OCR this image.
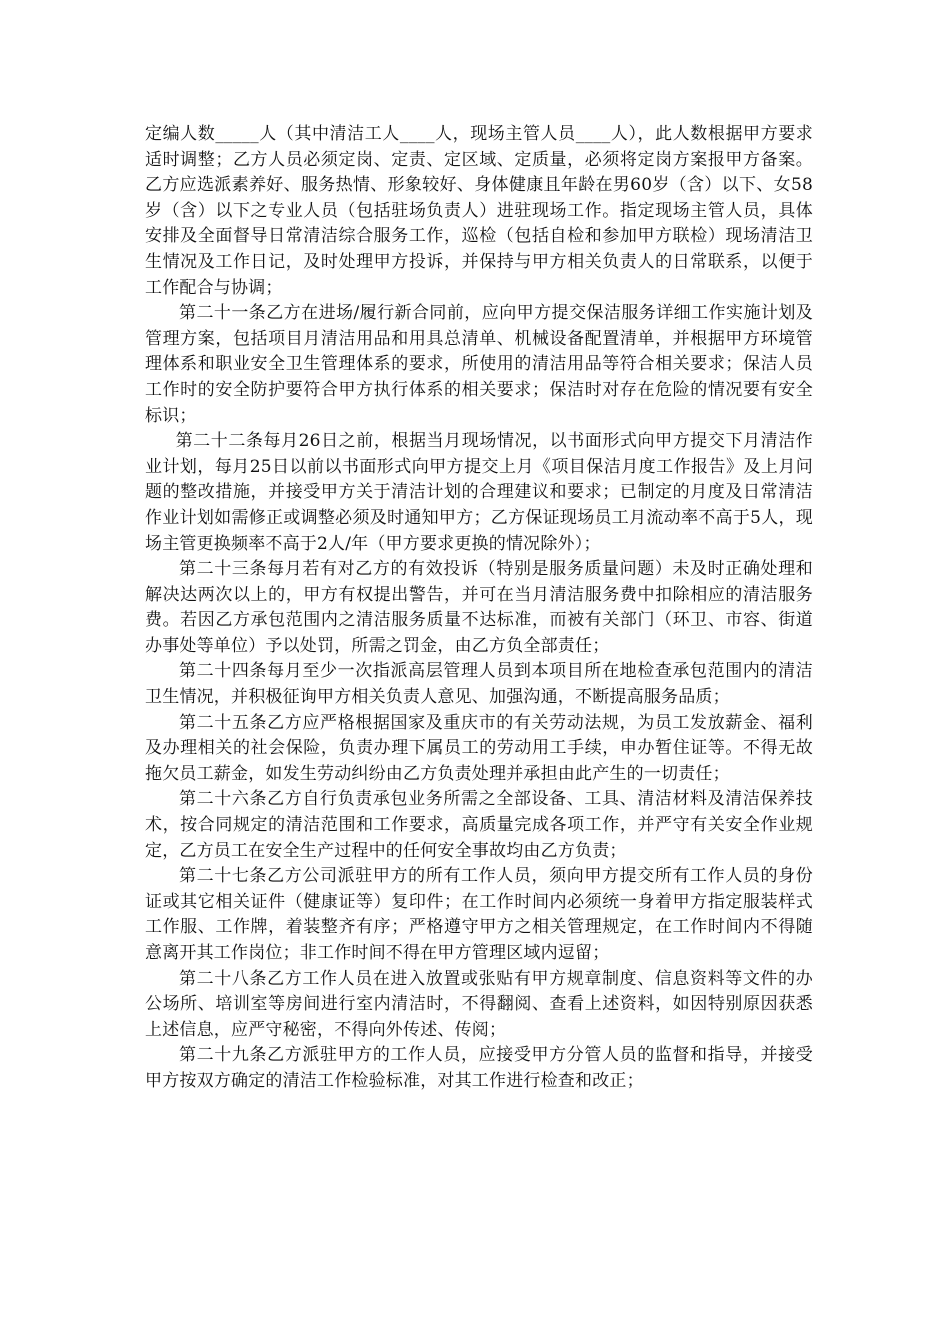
定编人数_____人（其中清洁工人____人，现场主管人员____人），此人数根据甲方要求适时调整；乙方人员必须定岗、定责、定区域、定质量，必须将定岗方案报甲方备案。乙方应选派素养好、服务热情、形象较好、身体健康且年龄在男60岁（含）以下、女58岁（含）以下之专业人员（包括驻场负责人）进驻现场工作。指定现场主管人员，具体安排及全面督导日常清洁综合服务工作，巡检（包括自检和参加甲方联检）现场清洁卫生情况及工作日记，及时处理甲方投诉，并保持与甲方相关负责人的日常联系，以便于工作配合与协调；

第二十一条乙方在进场/履行新合同前，应向甲方提交保洁服务详细工作实施计划及管理方案，包括项目月清洁用品和用具总清单、机械设备配置清单，并根据甲方环境管理体系和职业安全卫生管理体系的要求，所使用的清洁用品等符合相关要求；保洁人员工作时的安全防护要符合甲方执行体系的相关要求；保洁时对存在危险的情况要有安全标识；

第二十二条每月26日之前，根据当月现场情况，以书面形式向甲方提交下月清洁作业计划，每月25日以前以书面形式向甲方提交上月《项目保洁月度工作报告》及上月问题的整改措施，并接受甲方关于清洁计划的合理建议和要求；已制定的月度及日常清洁作业计划如需修正或调整必须及时通知甲方；乙方保证现场员工月流动率不高于5人，现场主管更换频率不高于2人/年（甲方要求更换的情况除外）；

第二十三条每月若有对乙方的有效投诉（特别是服务质量问题）未及时正确处理和解决达两次以上的，甲方有权提出警告，并可在当月清洁服务费中扣除相应的清洁服务费。若因乙方承包范围内之清洁服务质量不达标准，而被有关部门（环卫、市容、街道办事处等单位）予以处罚，所需之罚金，由乙方负全部责任；

第二十四条每月至少一次指派高层管理人员到本项目所在地检查承包范围内的清洁卫生情况，并积极征询甲方相关负责人意见、加强沟通，不断提高服务品质；

第二十五条乙方应严格根据国家及重庆市的有关劳动法规，为员工发放薪金、福利及办理相关的社会保险，负责办理下属员工的劳动用工手续，申办暂住证等。不得无故拖欠员工薪金，如发生劳动纠纷由乙方负责处理并承担由此产生的一切责任；

第二十六条乙方自行负责承包业务所需之全部设备、工具、清洁材料及清洁保养技术，按合同规定的清洁范围和工作要求，高质量完成各项工作，并严守有关安全作业规定，乙方员工在安全生产过程中的任何安全事故均由乙方负责；

第二十七条乙方公司派驻甲方的所有工作人员，须向甲方提交所有工作人员的身份证或其它相关证件（健康证等）复印件；在工作时间内必须统一身着甲方指定服装样式工作服、工作牌，着装整齐有序；严格遵守甲方之相关管理规定，在工作时间内不得随意离开其工作岗位；非工作时间不得在甲方管理区域内逗留；

第二十八条乙方工作人员在进入放置或张贴有甲方规章制度、信息资料等文件的办公场所、培训室等房间进行室内清洁时，不得翻阅、查看上述资料，如因特别原因获悉上述信息，应严守秘密，不得向外传述、传阅；

第二十九条乙方派驻甲方的工作人员，应接受甲方分管人员的监督和指导，并接受甲方按双方确定的清洁工作检验标准，对其工作进行检查和改正；
